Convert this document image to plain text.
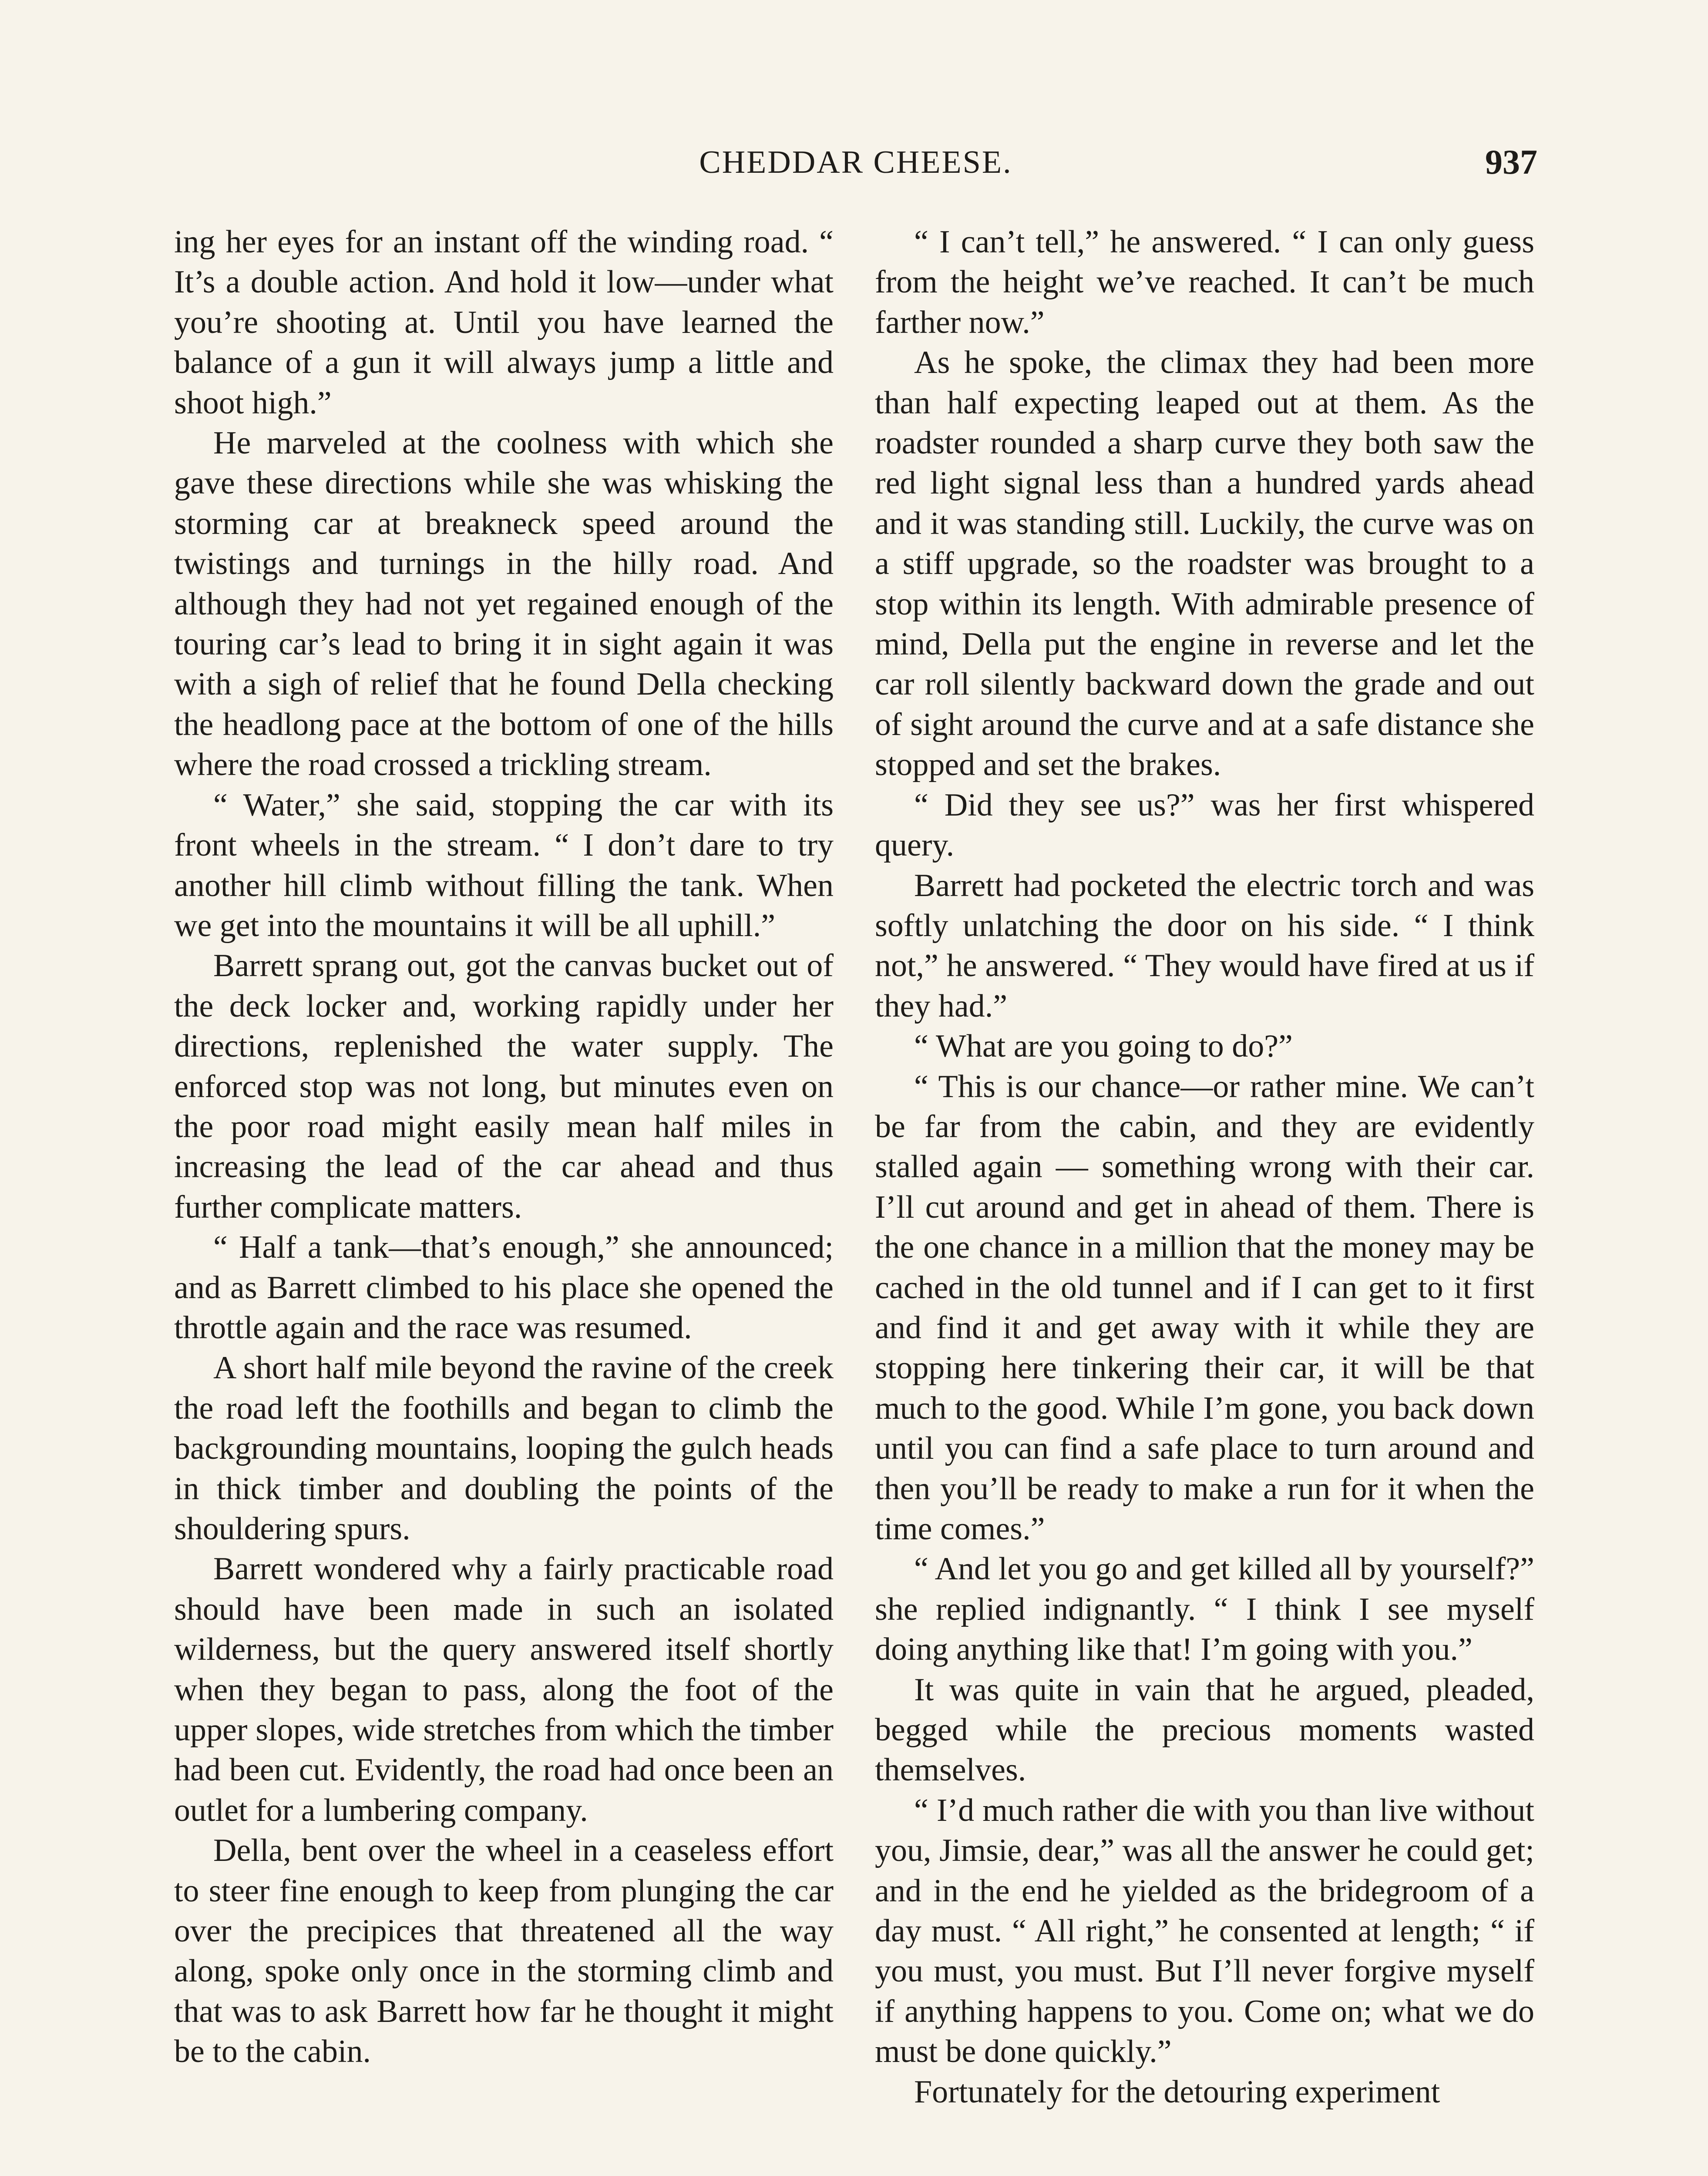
CHEDDAR CHEESE.	937

ing her eyes for an instant off the winding road. “ It’s a double action. And hold it low—under what you’re shooting at. Until you have learned the balance of a gun it will always jump a little and shoot high.”

He marveled at the coolness with which she gave these directions while she was whisking the storming car at breakneck speed around the twistings and turnings in the hilly road. And although they had not yet regained enough of the touring car’s lead to bring it in sight again it was with a sigh of relief that he found Della checking the headlong pace at the bottom of one of the hills where the road crossed a trickling stream.

“ Water,” she said, stopping the car with its front wheels in the stream. “ I don’t dare to try another hill climb without filling the tank. When we get into the mountains it will be all uphill.”

Barrett sprang out, got the canvas bucket out of the deck locker and, working rapidly under her directions, replenished the water supply. The enforced stop was not long, but minutes even on the poor road might easily mean half miles in increasing the lead of the car ahead and thus further complicate matters.

“ Half a tank—that’s enough,” she announced; and as Barrett climbed to his place she opened the throttle again and the race was resumed.

A short half mile beyond the ravine of the creek the road left the foothills and began to climb the backgrounding mountains, looping the gulch heads in thick timber and doubling the points of the shouldering spurs.

Barrett wondered why a fairly practicable road should have been made in such an isolated wilderness, but the query answered itself shortly when they began to pass, along the foot of the upper slopes, wide stretches from which the timber had been cut. Evidently, the road had once been an outlet for a lumbering company.

Della, bent over the wheel in a ceaseless effort to steer fine enough to keep from plunging the car over the precipices that threatened all the way along, spoke only once in the storming climb and that was to ask Barrett how far he thought it might be to the cabin.

“ I can’t tell,” he answered. “ I can only guess from the height we’ve reached. It can’t be much farther now.”

As he spoke, the climax they had been more than half expecting leaped out at them. As the roadster rounded a sharp curve they both saw the red light signal less than a hundred yards ahead and it was standing still. Luckily, the curve was on a stiff upgrade, so the roadster was brought to a stop within its length. With admirable presence of mind, Della put the engine in reverse and let the car roll silently backward down the grade and out of sight around the curve and at a safe distance she stopped and set the brakes.

“ Did they see us?” was her first whispered query.

Barrett had pocketed the electric torch and was softly unlatching the door on his side. “ I think not,” he answered. “ They would have fired at us if they had.”

“ What are you going to do?”

“ This is our chance—or rather mine. We can’t be far from the cabin, and they are evidently stalled again — something wrong with their car. I’ll cut around and get in ahead of them. There is the one chance in a million that the money may be cached in the old tunnel and if I can get to it first and find it and get away with it while they are stopping here tinkering their car, it will be that much to the good. While I’m gone, you back down until you can find a safe place to turn around and then you’ll be ready to make a run for it when the time comes.”

“ And let you go and get killed all by yourself?” she replied indignantly. “ I think I see myself doing anything like that! I’m going with you.”

It was quite in vain that he argued, pleaded, begged while the precious moments wasted themselves.

“ I’d much rather die with you than live without you, Jimsie, dear,” was all the answer he could get; and in the end he yielded as the bridegroom of a day must. “ All right,” he consented at length; “ if you must, you must. But I’ll never forgive myself if anything happens to you. Come on; what we do must be done quickly.”

Fortunately for the detouring experiment
